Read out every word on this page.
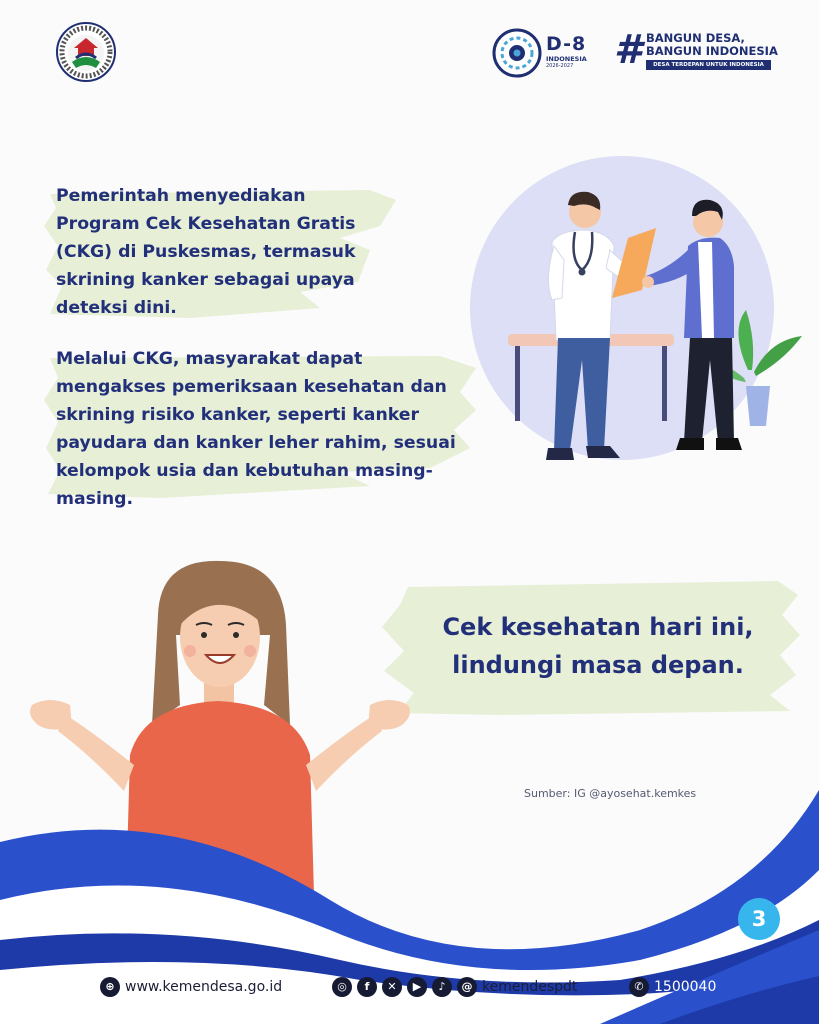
D-8
INDONESIA
2026-2027	# BANGUN DESA,
BANGUN INDONESIA
DESA TERDEPAN UNTUK INDONESIA
Pemerintah menyediakan
Program Cek Kesehatan Gratis
(CKG) di Puskesmas, termasuk
skrining kanker sebagai upaya
deteksi dini.
Melalui CKG, masyarakat dapat
mengakses pemeriksaan kesehatan dan
skrining risiko kanker, seperti kanker
payudara dan kanker leher rahim, sesuai
kelompok usia dan kebutuhan masing-
masing.
Cek kesehatan hari ini,
lindungi masa depan.
Sumber: IG @ayosehat.kemkes
3
⊕ www.kemendesa.go.id	◎	f	✕	▶	♪	@ kemendespdt	✆ 1500040
